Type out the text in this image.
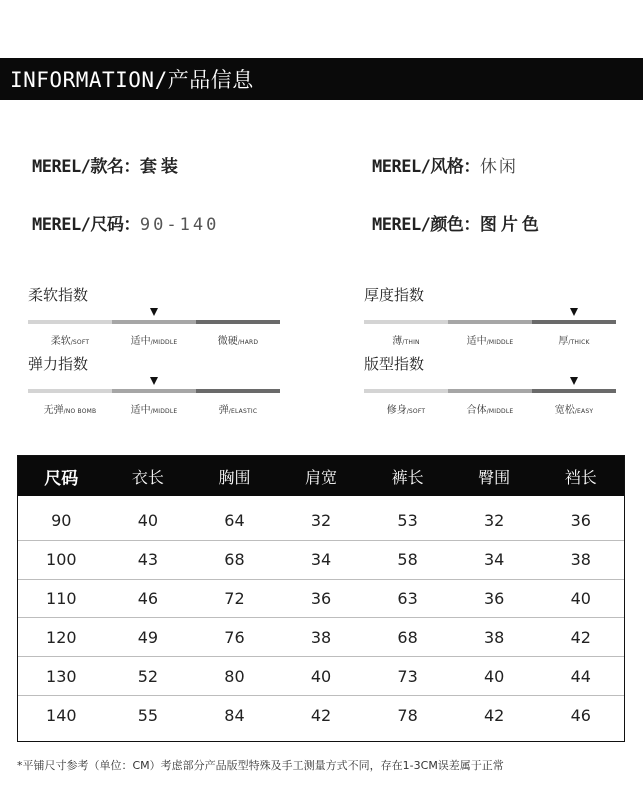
INFORMATION/产品信息
MEREL/款名：套装	MEREL/风格：休闲
MEREL/尺码：90-140	MEREL/颜色：图片色
柔软指数
柔软/SOFT	适中/MIDDLE	微硬/HARD
厚度指数
薄/THIN	适中/MIDDLE	厚/THICK
弹力指数
无弹/NO BOMB	适中/MIDDLE	弹/ELASTIC
版型指数
修身/SOFT	合体/MIDDLE	宽松/EASY
尺码	衣长	胸围	肩宽	裤长	臀围	裆长
90	40	64	32	53	32	36
100	43	68	34	58	34	38
110	46	72	36	63	36	40
120	49	76	38	68	38	42
130	52	80	40	73	40	44
140	55	84	42	78	42	46
*平铺尺寸参考（单位：CM）考虑部分产品版型特殊及手工测量方式不同，存在1-3CM误差属于正常
